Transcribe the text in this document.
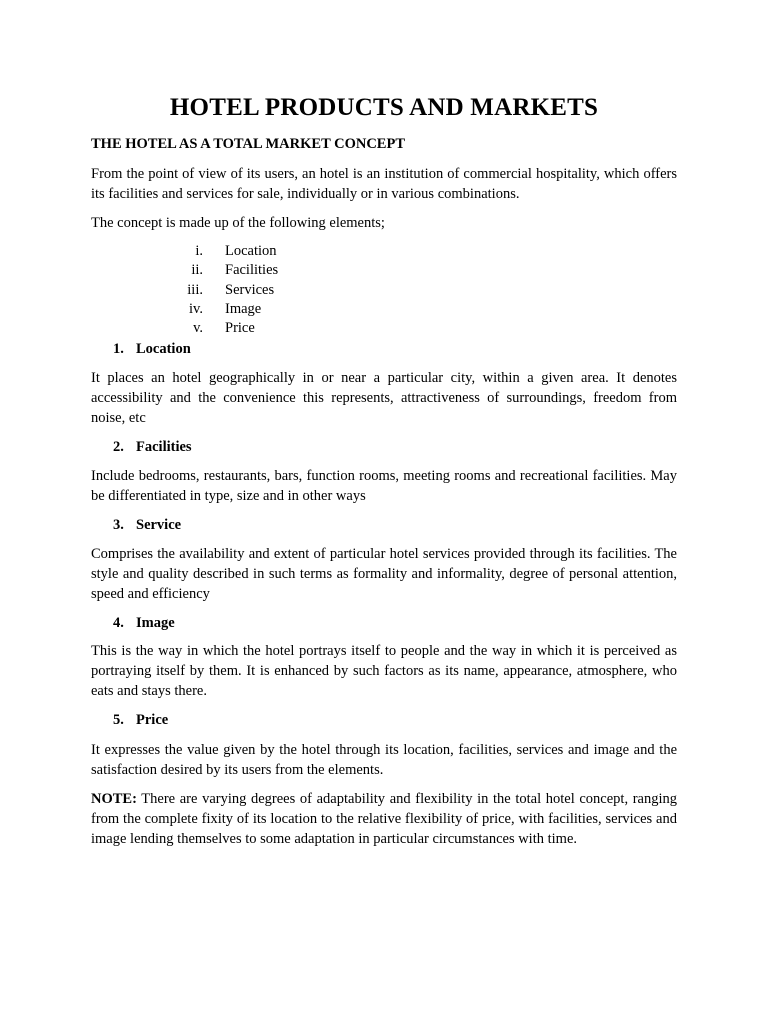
HOTEL PRODUCTS AND MARKETS
THE HOTEL AS A TOTAL MARKET CONCEPT

From the point of view of its users, an hotel is an institution of commercial hospitality, which offers its facilities and services for sale, individually or in various combinations.

The concept is made up of the following elements;

i. Location
ii. Facilities
iii. Services
iv. Image
v. Price
1. Location

It places an hotel geographically in or near a particular city, within a given area. It denotes accessibility and the convenience this represents, attractiveness of surroundings, freedom from noise, etc

2. Facilities

Include bedrooms, restaurants, bars, function rooms, meeting rooms and recreational facilities. May be differentiated in type, size and in other ways

3. Service

Comprises the availability and extent of particular hotel services provided through its facilities. The style and quality described in such terms as formality and informality, degree of personal attention, speed and efficiency

4. Image

This is the way in which the hotel portrays itself to people and the way in which it is perceived as portraying itself by them. It is enhanced by such factors as its name, appearance, atmosphere, who eats and stays there.

5. Price

It expresses the value given by the hotel through its location, facilities, services and image and the satisfaction desired by its users from the elements.

NOTE: There are varying degrees of adaptability and flexibility in the total hotel concept, ranging from the complete fixity of its location to the relative flexibility of price, with facilities, services and image lending themselves to some adaptation in particular circumstances with time.
